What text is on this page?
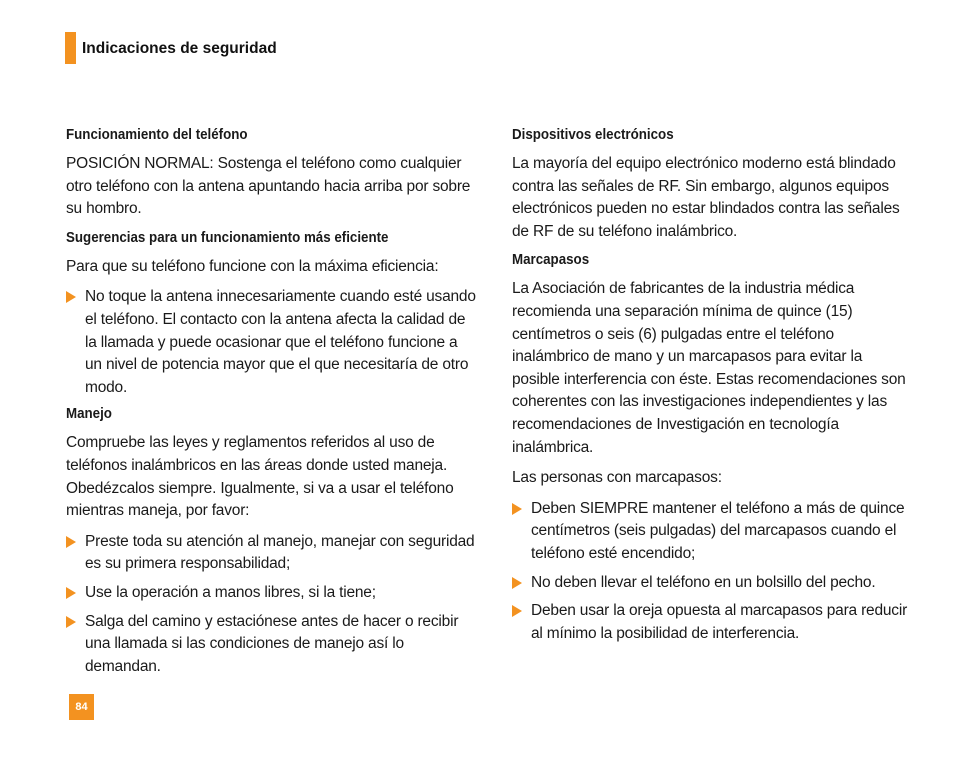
Indicaciones de seguridad
Funcionamiento del teléfono

POSICIÓN NORMAL: Sostenga el teléfono como cualquier otro teléfono con la antena apuntando hacia arriba por sobre su hombro.

Sugerencias para un funcionamiento más eficiente

Para que su teléfono funcione con la máxima eficiencia:

No toque la antena innecesariamente cuando esté usando el teléfono. El contacto con la antena afecta la calidad de la llamada y puede ocasionar que el teléfono funcione a un nivel de potencia mayor que el que necesitaría de otro modo.
Manejo

Compruebe las leyes y reglamentos referidos al uso de teléfonos inalámbricos en las áreas donde usted maneja. Obedézcalos siempre. Igualmente, si va a usar el teléfono mientras maneja, por favor:

Preste toda su atención al manejo, manejar con seguridad es su primera responsabilidad;
Use la operación a manos libres, si la tiene;
Salga del camino y estaciónese antes de hacer o recibir una llamada si las condiciones de manejo así lo demandan.
Dispositivos electrónicos

La mayoría del equipo electrónico moderno está blindado contra las señales de RF. Sin embargo, algunos equipos electrónicos pueden no estar blindados contra las señales de RF de su teléfono inalámbrico.

Marcapasos

La Asociación de fabricantes de la industria médica recomienda una separación mínima de quince (15) centímetros o seis (6) pulgadas entre el teléfono inalámbrico de mano y un marcapasos para evitar la posible interferencia con éste. Estas recomendaciones son coherentes con las investigaciones independientes y las recomendaciones de Investigación en tecnología inalámbrica.

Las personas con marcapasos:

Deben SIEMPRE mantener el teléfono a más de quince centímetros (seis pulgadas) del marcapasos cuando el teléfono esté encendido;
No deben llevar el teléfono en un bolsillo del pecho.
Deben usar la oreja opuesta al marcapasos para reducir al mínimo la posibilidad de interferencia.
84
